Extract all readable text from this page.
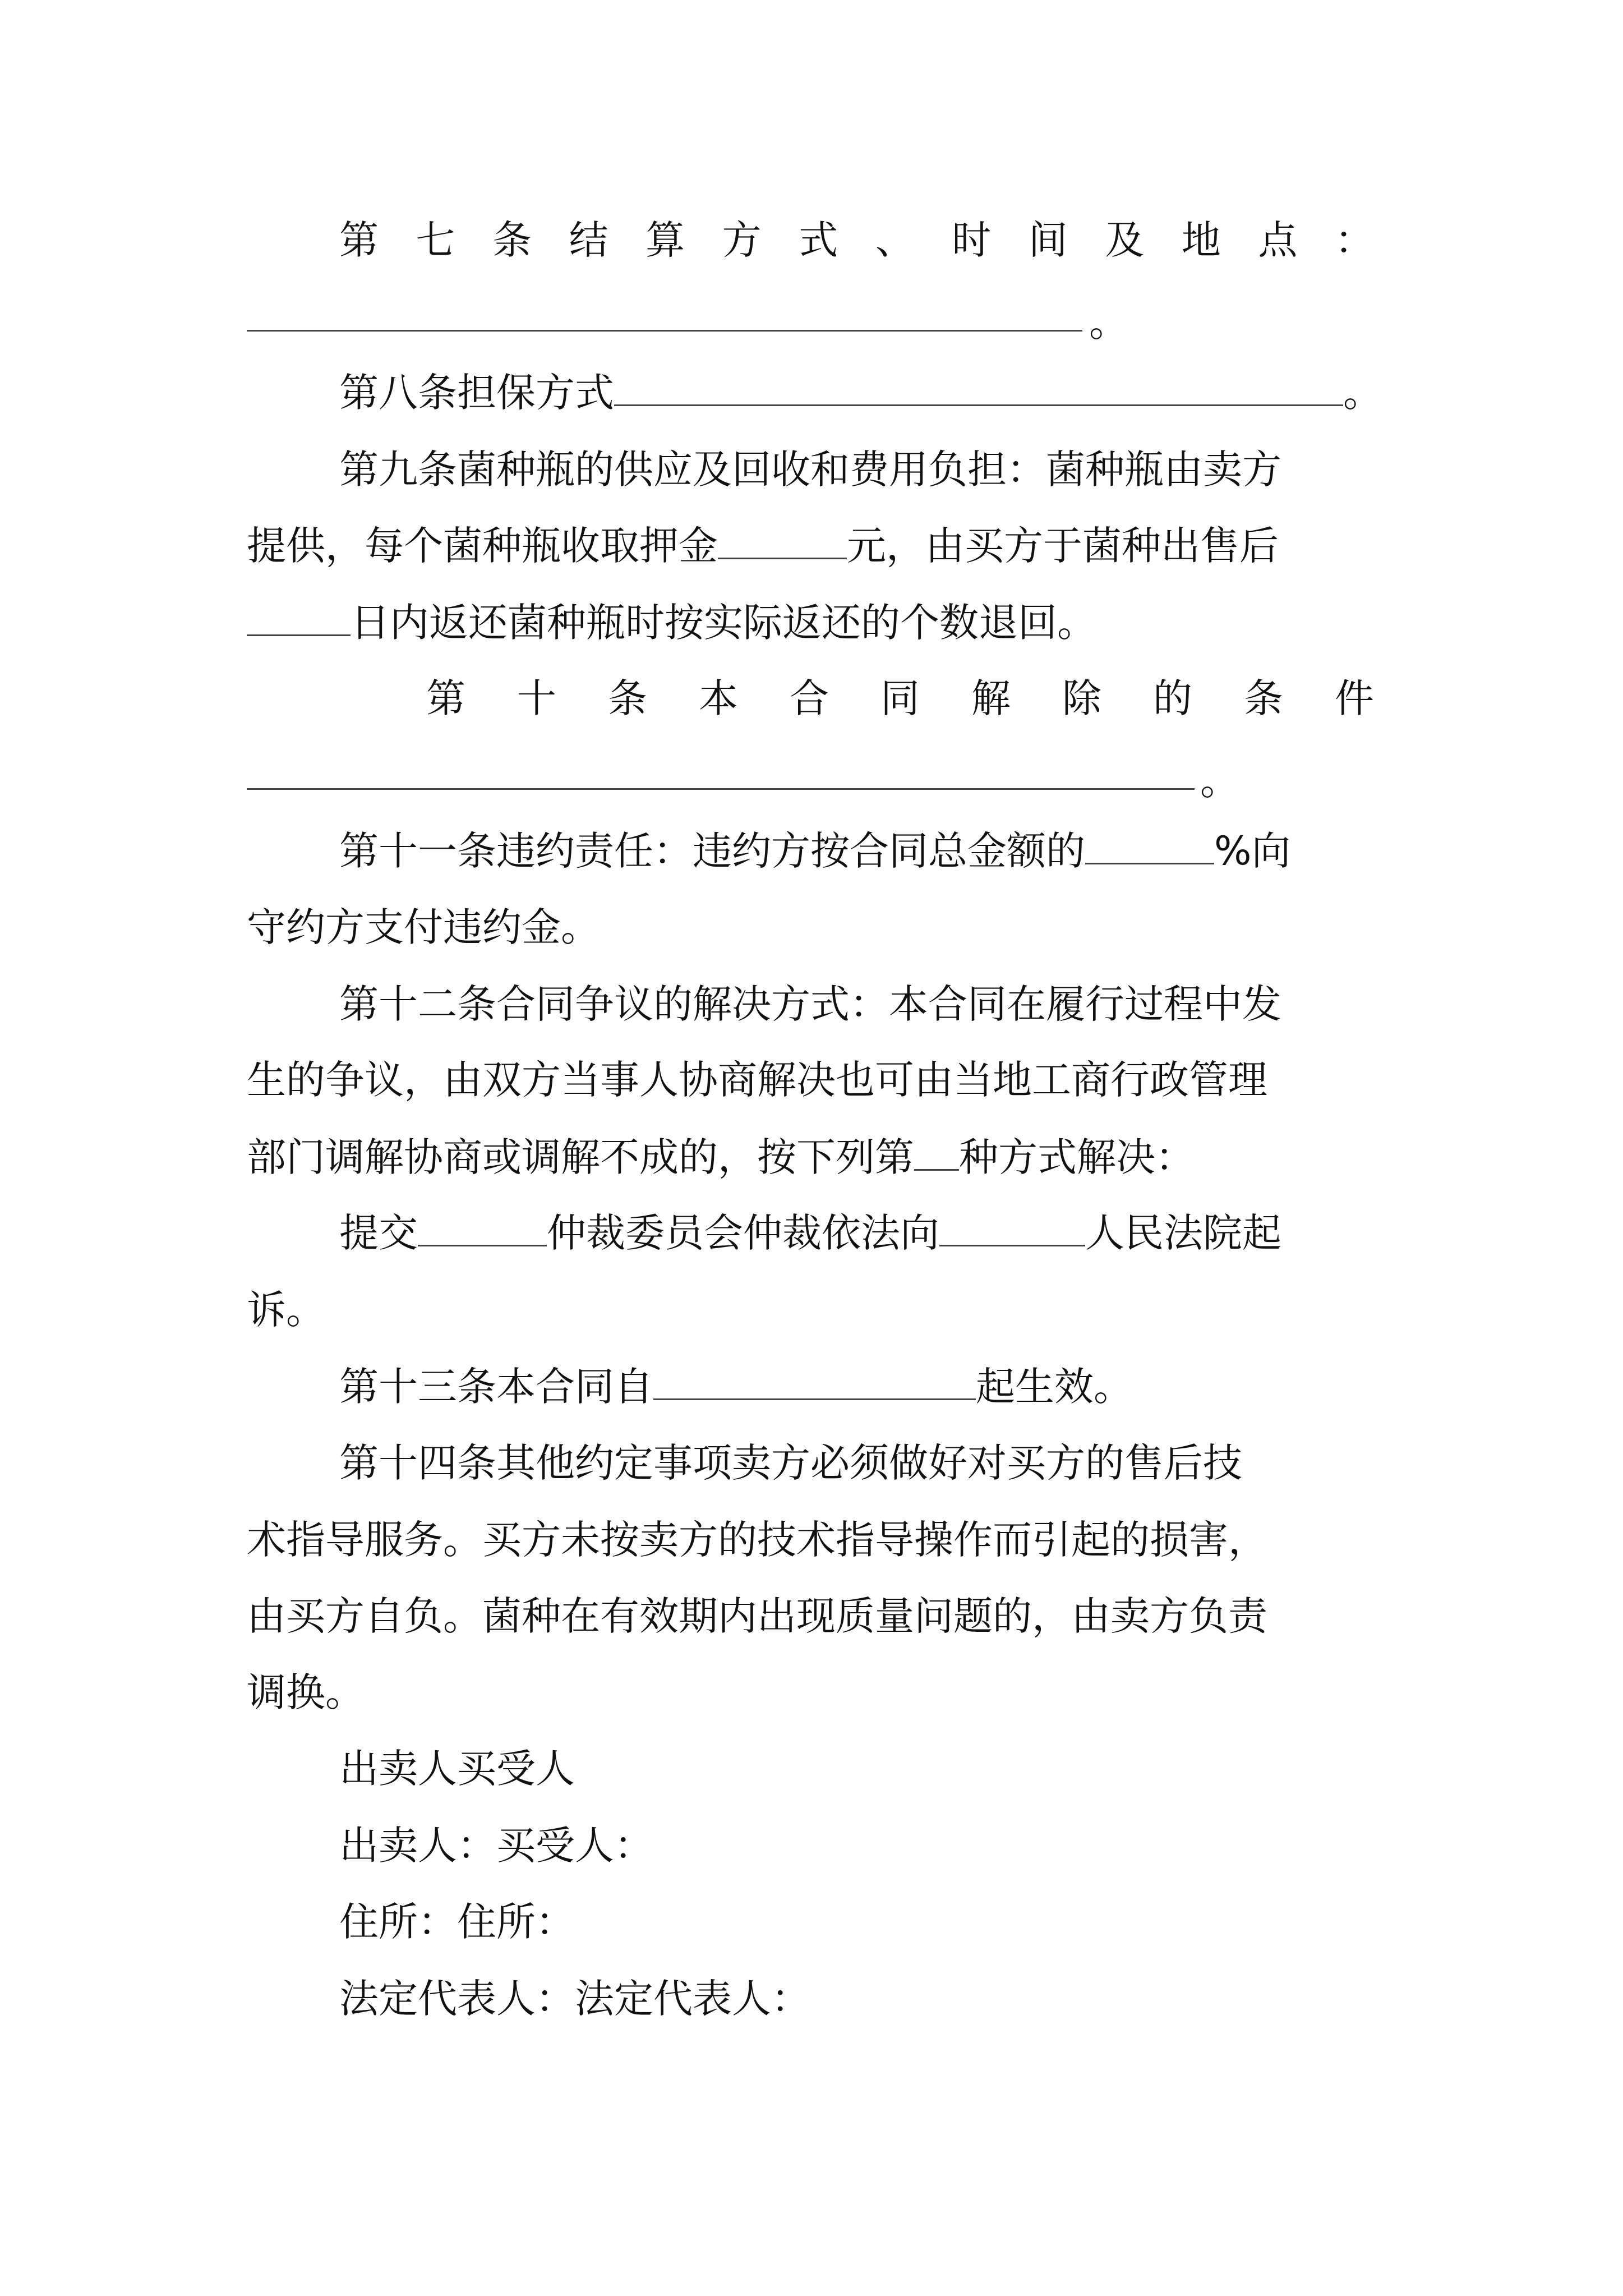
第 七 条 结 算 方 式 、 时 间 及 地 点 ：
。
第八条担保方式	。
第九条菌种瓶的供应及回收和费用负担：菌种瓶由卖方
提供，每个菌种瓶收取押金	元，由买方于菌种出售后
日内返还菌种瓶时按实际返还的个数退回。
第 十 条 本 合 同 解 除 的 条 件
。
第十一条违约责任：违约方按合同总金额的	%向
守约方支付违约金。
第十二条合同争议的解决方式：本合同在履行过程中发
生的争议，由双方当事人协商解决也可由当地工商行政管理
部门调解协商或调解不成的，按下列第 种方式解决：
提交	仲裁委员会仲裁依法向	人民法院起
诉。
第十三条本合同自	起生效。
第十四条其他约定事项卖方必须做好对买方的售后技
术指导服务。买方未按卖方的技术指导操作而引起的损害，
由买方自负。菌种在有效期内出现质量问题的，由卖方负责
调换。
出卖人买受人
出卖人：买受人：
住所：住所：
法定代表人：法定代表人：
